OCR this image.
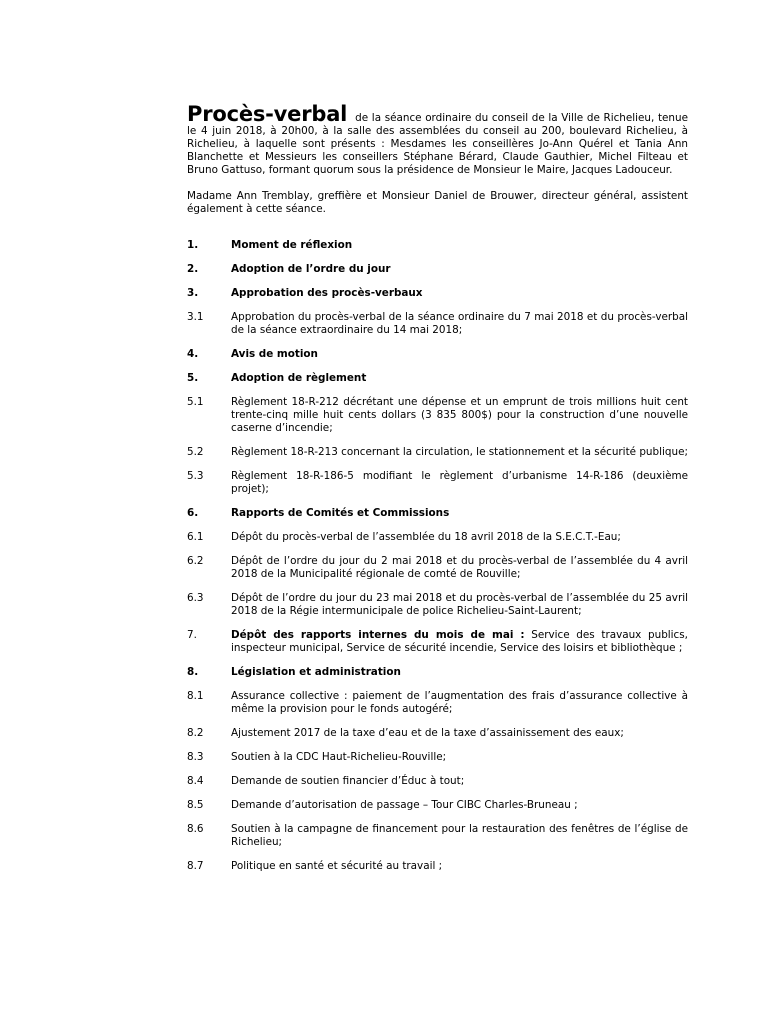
Procès-verbal de la séance ordinaire du conseil de la Ville de Richelieu, tenue le 4 juin 2018, à 20h00, à la salle des assemblées du conseil au 200, boulevard Richelieu, à Richelieu, à laquelle sont présents : Mesdames les conseillères Jo-Ann Quérel et Tania Ann Blanchette et Messieurs les conseillers Stéphane Bérard, Claude Gauthier, Michel Filteau et Bruno Gattuso, formant quorum sous la présidence de Monsieur le Maire, Jacques Ladouceur.
Madame Ann Tremblay, greffière et Monsieur Daniel de Brouwer, directeur général, assistent également à cette séance.
1.	Moment de réflexion
2.	Adoption de l’ordre du jour
3.	Approbation des procès-verbaux
3.1	Approbation du procès-verbal de la séance ordinaire du 7 mai 2018 et du procès-verbal de la séance extraordinaire du 14 mai 2018;
4.	Avis de motion
5.	Adoption de règlement
5.1	Règlement 18-R-212 décrétant une dépense et un emprunt de trois millions huit cent trente-cinq mille huit cents dollars (3 835 800$) pour la construction d’une nouvelle caserne d’incendie;
5.2	Règlement 18-R-213 concernant la circulation, le stationnement et la sécurité publique;
5.3	Règlement 18-R-186-5 modifiant le règlement d’urbanisme 14-R-186 (deuxième projet);
6.	Rapports de Comités et Commissions
6.1	Dépôt du procès-verbal de l’assemblée du 18 avril 2018 de la S.E.C.T.-Eau;
6.2	Dépôt de l’ordre du jour du 2 mai 2018 et du procès-verbal de l’assemblée du 4 avril 2018 de la Municipalité régionale de comté de Rouville;
6.3	Dépôt de l’ordre du jour du 23 mai 2018 et du procès-verbal de l’assemblée du 25 avril 2018 de la Régie intermunicipale de police Richelieu-Saint-Laurent;
7.	Dépôt des rapports internes du mois de mai : Service des travaux publics, inspecteur municipal, Service de sécurité incendie, Service des loisirs et bibliothèque ;
8.	Législation et administration
8.1	Assurance collective : paiement de l’augmentation des frais d’assurance collective à même la provision pour le fonds autogéré;
8.2	Ajustement 2017 de la taxe d’eau et de la taxe d’assainissement des eaux;
8.3	Soutien à la CDC Haut-Richelieu-Rouville;
8.4	Demande de soutien financier d’Éduc à tout;
8.5	Demande d’autorisation de passage – Tour CIBC Charles-Bruneau ;
8.6	Soutien à la campagne de financement pour la restauration des fenêtres de l’église de Richelieu;
8.7	Politique en santé et sécurité au travail ;
